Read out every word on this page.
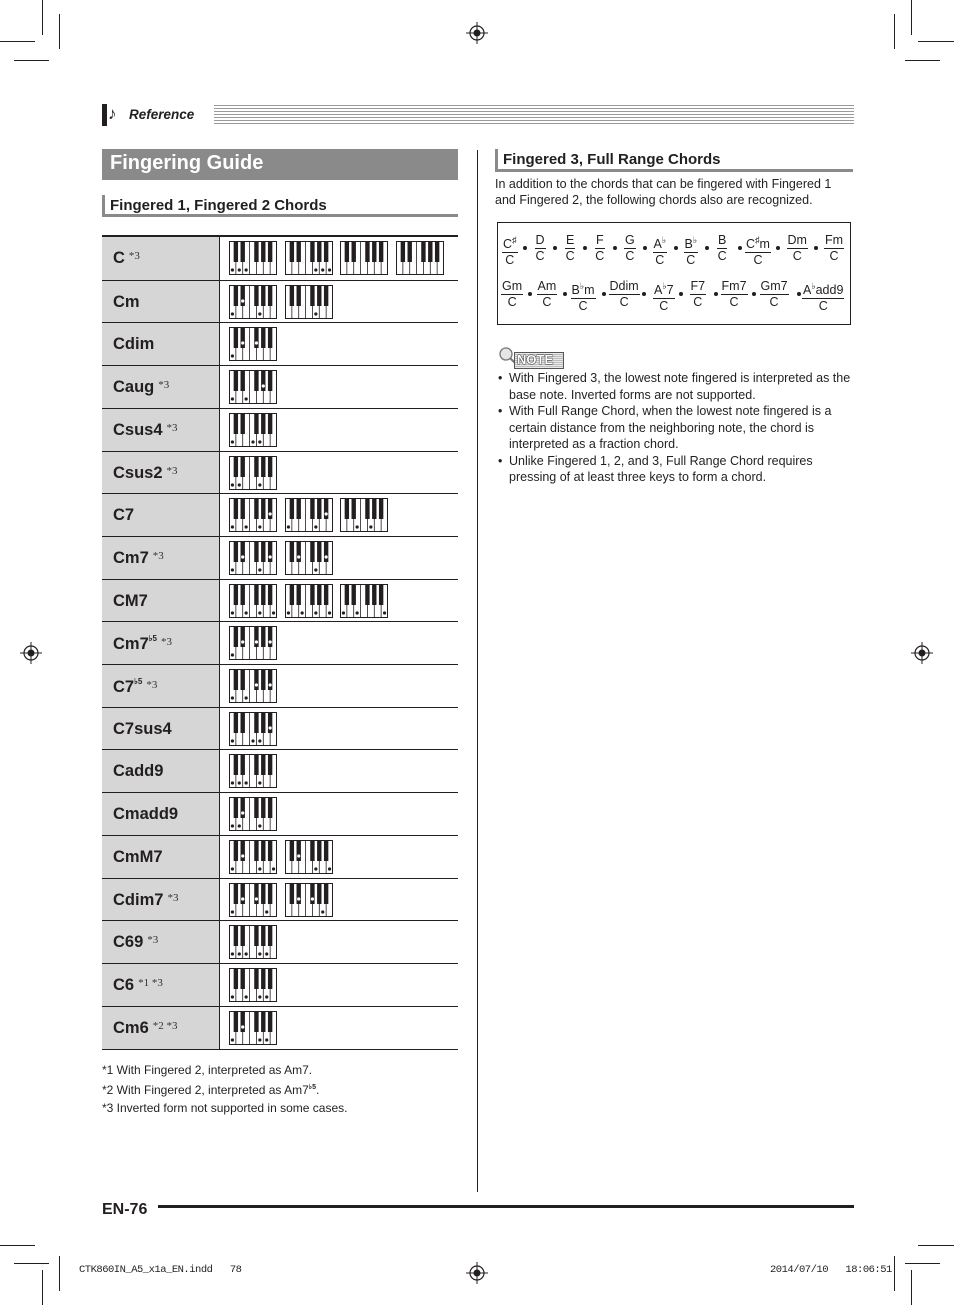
♪ Reference
Fingering Guide
Fingered 1, Fingered 2 Chords
C $^{*3}$
Cm
Cdim
Caug $^{*3}$
Csus4 $^{*3}$
Csus2 $^{*3}$
C7
Cm7 $^{*3}$
CM7
$Cm7^{♭5}$ $^{*3}$
$C7^{♭5}$ $^{*3}$
C7sus4
Cadd9
Cmadd9
CmM7
Cdim7 $^{*3}$
C69 $^{*3}$
C6 $^{*1 *3}$
Cm6 $^{*2 *3}$
*1 With Fingered 2, interpreted as Am7.
*2 With Fingered 2, interpreted as $Am7^{♭5}$.
*3 Inverted form not supported in some cases.
Fingered 3, Full Range Chords
In addition to the chords that can be fingered with Fingered 1 and Fingered 2, the following chords also are recognized.
C♯
C
D
C
E
C
F
C
G
C
A♭
C
B♭
C
B
C
C♯m
C
Dm
C
Fm
C
Gm
C
Am
C
B♭m
C
Ddim
C
A♭7
C
F7
C
Fm7
C
Gm7
C
A♭add9
C
NOTE
• With Fingered 3, the lowest note fingered is interpreted as the base note. Inverted forms are not supported.
• With Full Range Chord, when the lowest note fingered is a certain distance from the neighboring note, the chord is interpreted as a fraction chord.
• Unlike Fingered 1, 2, and 3, Full Range Chord requires pressing of at least three keys to form a chord.
EN-76
CTK860IN_A5_x1a_EN.indd   78	2014/07/10   18:06:51
